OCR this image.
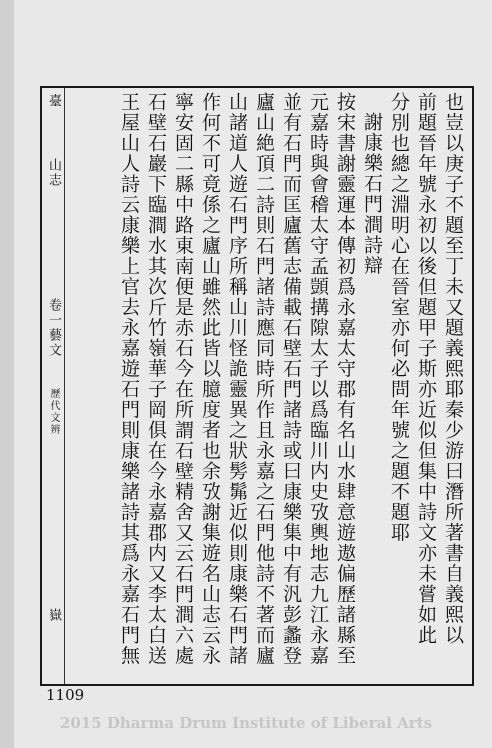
臺
山志
卷一藝文
歷代文辨
嶽	也豈以庚子不題至丁未又題義熙耶秦少游曰潛所著書自義熙以
前題晉年號永初以後但題甲子斯亦近似但集中詩文亦未嘗如此
分別也總之淵明心在晉室亦何必問年號之題不題耶
謝康樂石門澗詩辯
按宋書謝靈運本傳初爲永嘉太守郡有名山水肆意遊遨偏歷諸縣至
元嘉時與會稽太守孟顗搆隙太子以爲臨川内史攷輿地志九江永嘉
並有石門而匡廬舊志備載石壁石門諸詩或曰康樂集中有汎彭蠡登
廬山絶頂二詩則石門諸詩應同時所作且永嘉之石門他詩不著而廬
山諸道人遊石門序所稱山川怪詭靈異之狀髣髴近似則康樂石門諸
作何不可竟係之廬山雖然此皆以臆度者也余攷謝集遊名山志云永
寧安固二縣中路東南便是赤石今在所謂石壁精舍又云石門澗六處
石壁石巖下臨澗水其次斤竹嶺華子岡俱在今永嘉郡内又李太白送
王屋山人詩云康樂上官去永嘉遊石門則康樂諸詩其爲永嘉石門無
1109
2015 Dharma Drum Institute of Liberal Arts
